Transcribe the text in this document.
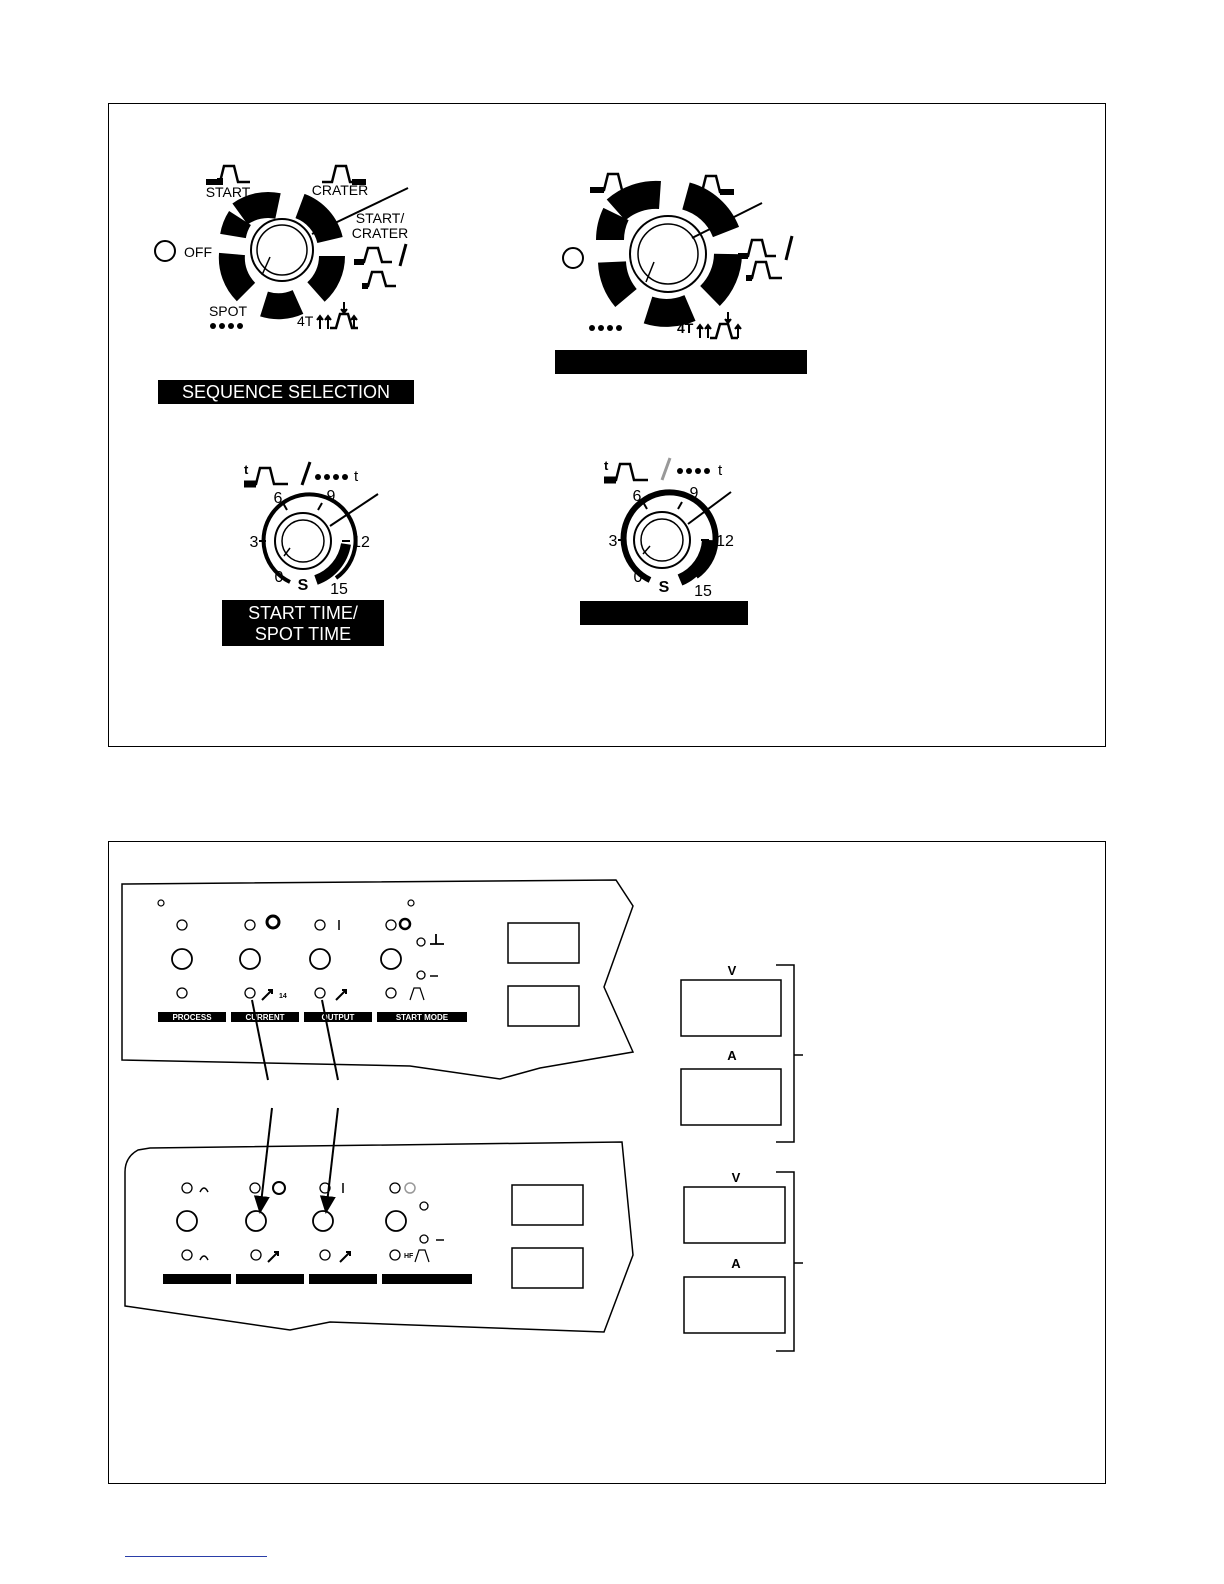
START	CRATER
START/
CRATER
OFF
SPOT
4T
SEQUENCE SELECTION
4T
t	t
0
3
6	9
12
15
S
START TIME/
SPOT TIME
t	t
0
3
6	9
12
15
S
14
PROCESS	CURRENT	OUTPUT	START MODE
HF
V
A
V
A
